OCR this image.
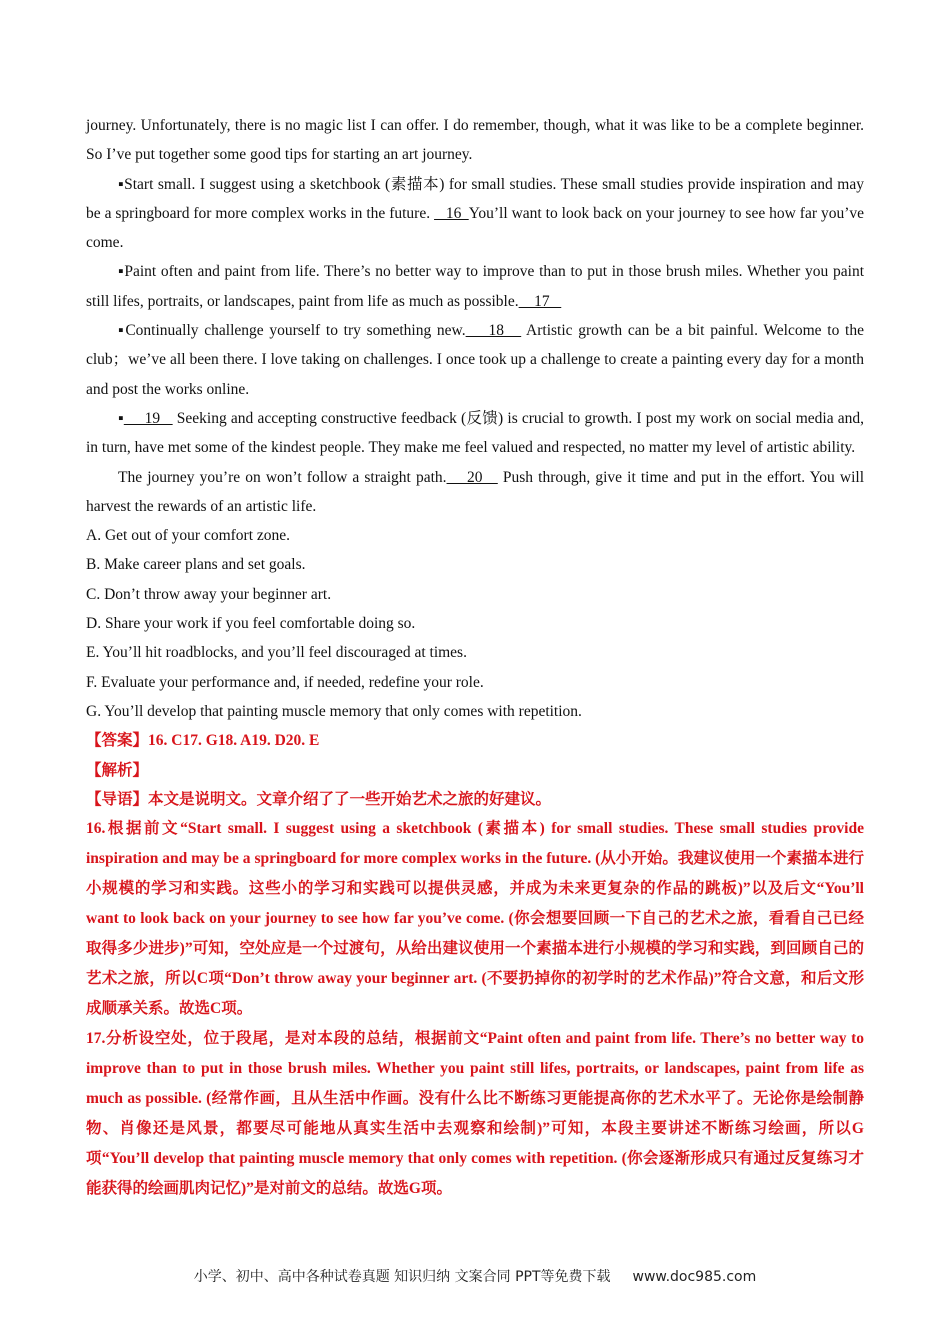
journey. Unfortunately, there is no magic list I can offer. I do remember, though, what it was like to be a complete beginner. So I’ve put together some good tips for starting an art journey.

▪Start small. I suggest using a sketchbook (素描本) for small studies. These small studies provide inspiration and may be a springboard for more complex works in the future.    16  You’ll want to look back on your journey to see how far you’ve come.

▪Paint often and paint from life. There’s no better way to improve than to put in those brush miles. Whether you paint still lifes, portraits, or landscapes, paint from life as much as possible.    17

▪Continually challenge yourself to try something new.    18    Artistic growth can be a bit painful. Welcome to the club；we’ve all been there. I love taking on challenges. I once took up a challenge to create a painting every day for a month and post the works online.

▪     19    Seeking and accepting constructive feedback (反馈) is crucial to growth. I post my work on social media and, in turn, have met some of the kindest people. They make me feel valued and respected, no matter my level of artistic ability.

The journey you’re on won’t follow a straight path.    20    Push through, give it time and put in the effort. You will harvest the rewards of an artistic life.

A. Get out of your comfort zone.

B. Make career plans and set goals.

C. Don’t throw away your beginner art.

D. Share your work if you feel comfortable doing so.

E. You’ll hit roadblocks, and you’ll feel discouraged at times.

F. Evaluate your performance and, if needed, redefine your role.

G. You’ll develop that painting muscle memory that only comes with repetition.

【答案】16. C17. G18. A19. D20. E

【解析】

【导语】本文是说明文。文章介绍了了一些开始艺术之旅的好建议。

16.根据前文“Start small. I suggest using a sketchbook (素描本) for small studies. These small studies provide inspiration and may be a springboard for more complex works in the future. (从小开始。我建议使用一个素描本进行小规模的学习和实践。这些小的学习和实践可以提供灵感，并成为未来更复杂的作品的跳板)”以及后文“You’ll want to look back on your journey to see how far you’ve come. (你会想要回顾一下自己的艺术之旅，看看自己已经取得多少进步)”可知，空处应是一个过渡句，从给出建议使用一个素描本进行小规模的学习和实践，到回顾自己的艺术之旅，所以C项“Don’t throw away your beginner art. (不要扔掉你的初学时的艺术作品)”符合文意，和后文形成顺承关系。故选C项。

17.分析设空处，位于段尾，是对本段的总结，根据前文“Paint often and paint from life. There’s no better way to improve than to put in those brush miles. Whether you paint still lifes, portraits, or landscapes, paint from life as much as possible. (经常作画，且从生活中作画。没有什么比不断练习更能提高你的艺术水平了。无论你是绘制静物、肖像还是风景，都要尽可能地从真实生活中去观察和绘制)”可知，本段主要讲述不断练习绘画，所以G项“You’ll develop that painting muscle memory that only comes with repetition. (你会逐渐形成只有通过反复练习才能获得的绘画肌肉记忆)”是对前文的总结。故选G项。

小学、初中、高中各种试卷真题 知识归纳 文案合同 PPT等免费下载 www.doc985.com
